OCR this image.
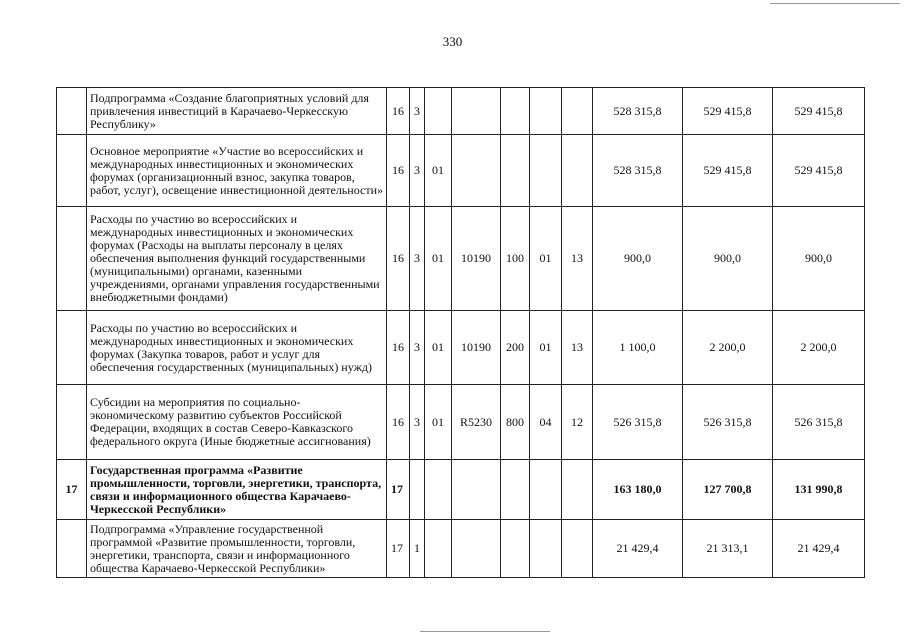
330
	Подпрограмма «Создание благоприятных условий для привлечения инвестиций в Карачаево-Черкесскую Республику»	16	3						528 315,8	529 415,8	529 415,8
	Основное мероприятие «Участие во всероссийских и международных инвестиционных и экономических форумах (организационный взнос, закупка товаров, работ, услуг), освещение инвестиционной деятельности»	16	3	01					528 315,8	529 415,8	529 415,8
	Расходы по участию во всероссийских и международных инвестиционных и экономических форумах (Расходы на выплаты персоналу в целях обеспечения выполнения функций государственными (муниципальными) органами, казенными учреждениями, органами управления государственными внебюджетными фондами)	16	3	01	10190	100	01	13	900,0	900,0	900,0
	Расходы по участию во всероссийских и международных инвестиционных и экономических форумах (Закупка товаров, работ и услуг для обеспечения государственных (муниципальных) нужд)	16	3	01	10190	200	01	13	1 100,0	2 200,0	2 200,0
	Субсидии на мероприятия по социально-экономическому развитию субъектов Российской Федерации, входящих в состав Северо-Кавказского федерального округа (Иные бюджетные ассигнования)	16	3	01	R5230	800	04	12	526 315,8	526 315,8	526 315,8
17	Государственная программа «Развитие промышленности, торговли, энергетики, транспорта, связи и информационного общества Карачаево-Черкесской Республики»	17							163 180,0	127 700,8	131 990,8
	Подпрограмма «Управление государственной программой «Развитие промышленности, торговли, энергетики, транспорта, связи и информационного общества Карачаево-Черкесской Республики»	17	1						21 429,4	21 313,1	21 429,4
